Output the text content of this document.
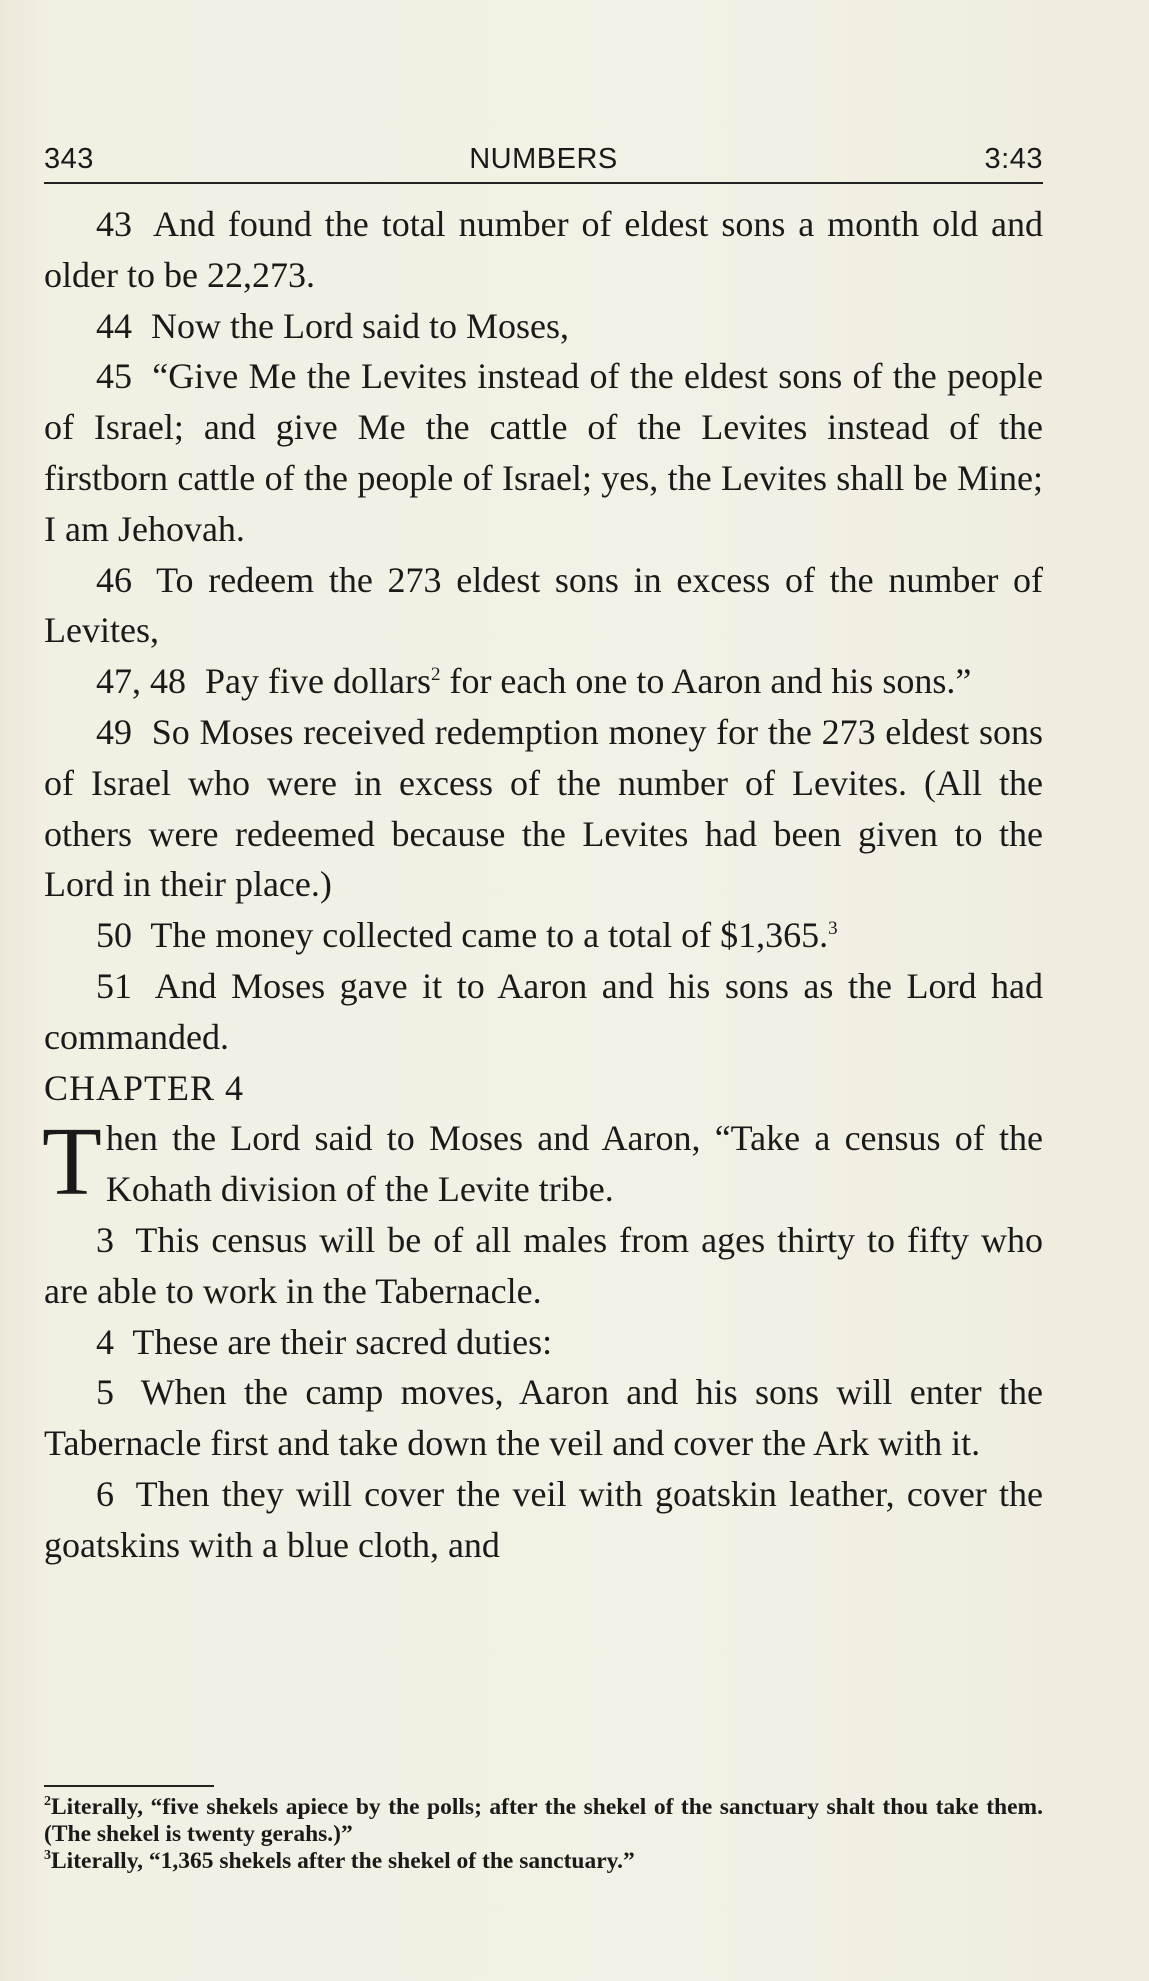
NUMBERS
343	3:43

43 And found the total number of eldest sons a month old and older to be 22,273.

44 Now the Lord said to Moses,

45 “Give Me the Levites instead of the eldest sons of the people of Israel; and give Me the cattle of the Levites instead of the firstborn cattle of the people of Israel; yes, the Levites shall be Mine; I am Jehovah.

46 To redeem the 273 eldest sons in excess of the number of Levites,

47, 48 Pay five dollars$^2$ for each one to Aaron and his sons.”

49 So Moses received redemption money for the 273 eldest sons of Israel who were in excess of the number of Levites. (All the others were redeemed because the Levites had been given to the Lord in their place.)

50 The money collected came to a total of $1,365.$^3$

51 And Moses gave it to Aaron and his sons as the Lord had commanded.

CHAPTER 4

T hen the Lord said to Moses and Aaron, “Take a census of the Kohath division of the Levite tribe.

3 This census will be of all males from ages thirty to fifty who are able to work in the Tabernacle.

4 These are their sacred duties:

5 When the camp moves, Aaron and his sons will enter the Tabernacle first and take down the veil and cover the Ark with it.

6 Then they will cover the veil with goatskin leather, cover the goatskins with a blue cloth, and

$^2$Literally, “five shekels apiece by the polls; after the shekel of the sanctuary shalt thou take them. (The shekel is twenty gerahs.)”

$^3$Literally, “1,365 shekels after the shekel of the sanctuary.”
